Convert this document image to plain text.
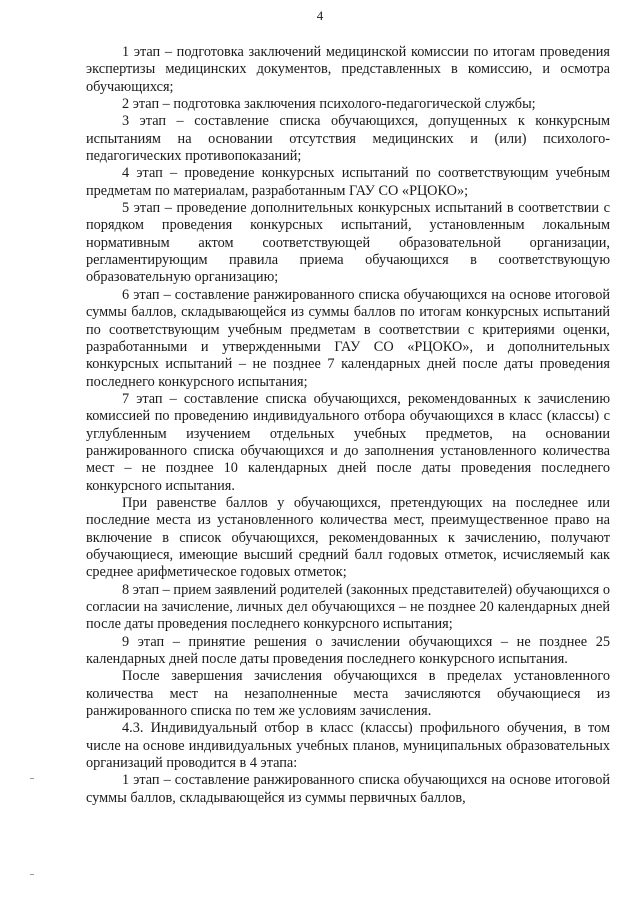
4

1 этап – подготовка заключений медицинской комиссии по итогам проведения экспертизы медицинских документов, представленных в комиссию, и осмотра обучающихся;

2 этап – подготовка заключения психолого-педагогической службы;

3 этап – составление списка обучающихся, допущенных к конкурсным испытаниям на основании отсутствия медицинских и (или) психолого-педагогических противопоказаний;

4 этап – проведение конкурсных испытаний по соответствующим учебным предметам по материалам, разработанным ГАУ СО «РЦОКО»;

5 этап – проведение дополнительных конкурсных испытаний в соответствии с порядком проведения конкурсных испытаний, установленным локальным нормативным актом соответствующей образовательной организации, регламентирующим правила приема обучающихся в соответствующую образовательную организацию;

6 этап – составление ранжированного списка обучающихся на основе итоговой суммы баллов, складывающейся из суммы баллов по итогам конкурсных испытаний по соответствующим учебным предметам в соответствии с критериями оценки, разработанными и утвержденными ГАУ СО «РЦОКО», и дополнительных конкурсных испытаний – не позднее 7 календарных дней после даты проведения последнего конкурсного испытания;

7 этап – составление списка обучающихся, рекомендованных к зачислению комиссией по проведению индивидуального отбора обучающихся в класс (классы) с углубленным изучением отдельных учебных предметов, на основании ранжированного списка обучающихся и до заполнения установленного количества мест – не позднее 10 календарных дней после даты проведения последнего конкурсного испытания.

При равенстве баллов у обучающихся, претендующих на последнее или последние места из установленного количества мест, преимущественное право на включение в список обучающихся, рекомендованных к зачислению, получают обучающиеся, имеющие высший средний балл годовых отметок, исчисляемый как среднее арифметическое годовых отметок;

8 этап – прием заявлений родителей (законных представителей) обучающихся о согласии на зачисление, личных дел обучающихся – не позднее 20 календарных дней после даты проведения последнего конкурсного испытания;

9 этап – принятие решения о зачислении обучающихся – не позднее 25 календарных дней после даты проведения последнего конкурсного испытания.

После завершения зачисления обучающихся в пределах установленного количества мест на незаполненные места зачисляются обучающиеся из ранжированного списка по тем же условиям зачисления.

4.3. Индивидуальный отбор в класс (классы) профильного обучения, в том числе на основе индивидуальных учебных планов, муниципальных образовательных организаций проводится в 4 этапа:

1 этап – составление ранжированного списка обучающихся на основе итоговой суммы баллов, складывающейся из суммы первичных баллов,
